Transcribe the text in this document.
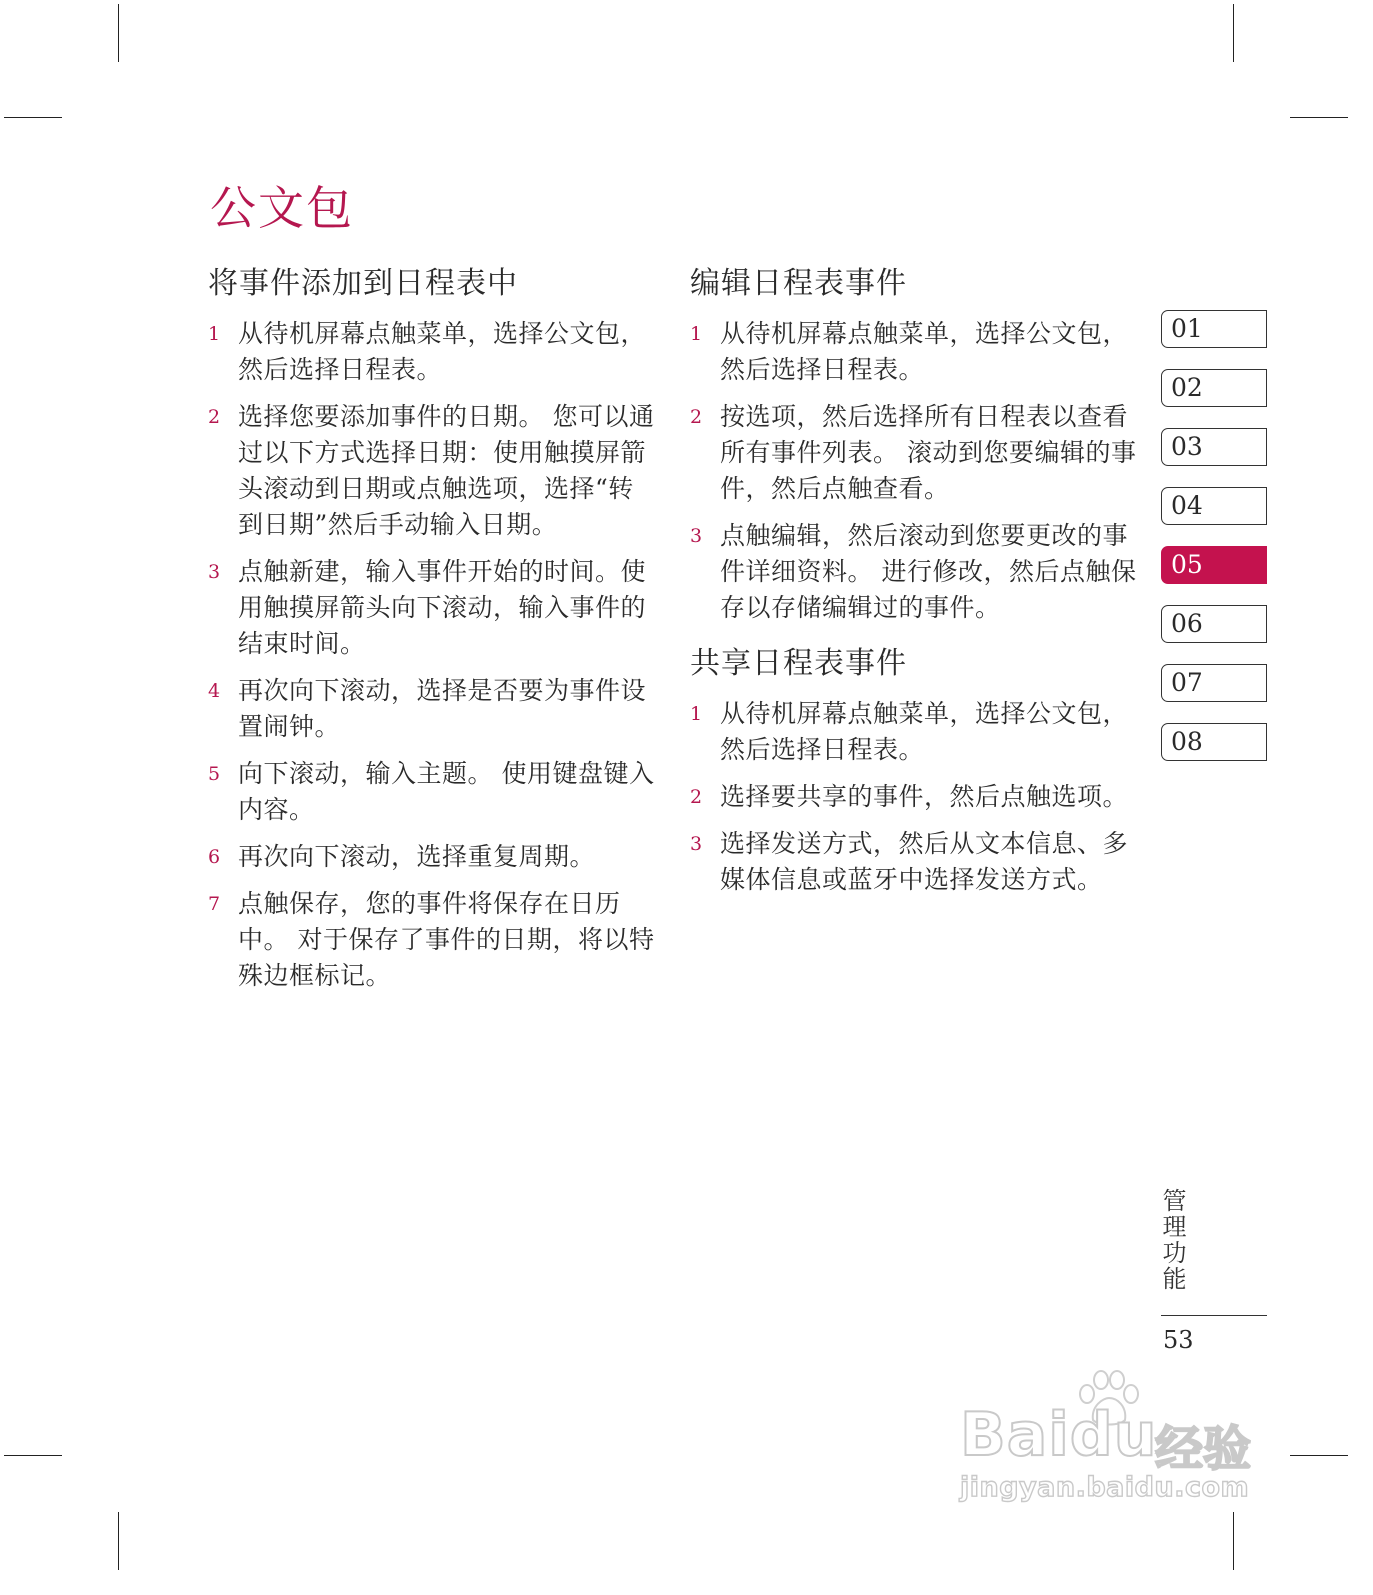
公文包
将事件添加到日程表中
1 从待机屏幕点触菜单，选择公文包，然后选择日程表。
2 选择您要添加事件的日期。 您可以通过以下方式选择日期：使用触摸屏箭头滚动到日期或点触选项，选择“转到日期”然后手动输入日期。
3 点触新建，输入事件开始的时间。使用触摸屏箭头向下滚动，输入事件的结束时间。
4 再次向下滚动，选择是否要为事件设置闹钟。
5 向下滚动，输入主题。 使用键盘键入内容。
6 再次向下滚动，选择重复周期。
7 点触保存，您的事件将保存在日历中。 对于保存了事件的日期，将以特殊边框标记。
编辑日程表事件
1 从待机屏幕点触菜单，选择公文包，然后选择日程表。
2 按选项，然后选择所有日程表以查看所有事件列表。 滚动到您要编辑的事件，然后点触查看。
3 点触编辑，然后滚动到您要更改的事件详细资料。 进行修改，然后点触保存以存储编辑过的事件。
共享日程表事件
1 从待机屏幕点触菜单，选择公文包，然后选择日程表。
2 选择要共享的事件，然后点触选项。
3 选择发送方式，然后从文本信息、多媒体信息或蓝牙中选择发送方式。
01
02
03
04
05
06
07
08
管理功能
53
Baidu
经验
jingyan.baidu.com
